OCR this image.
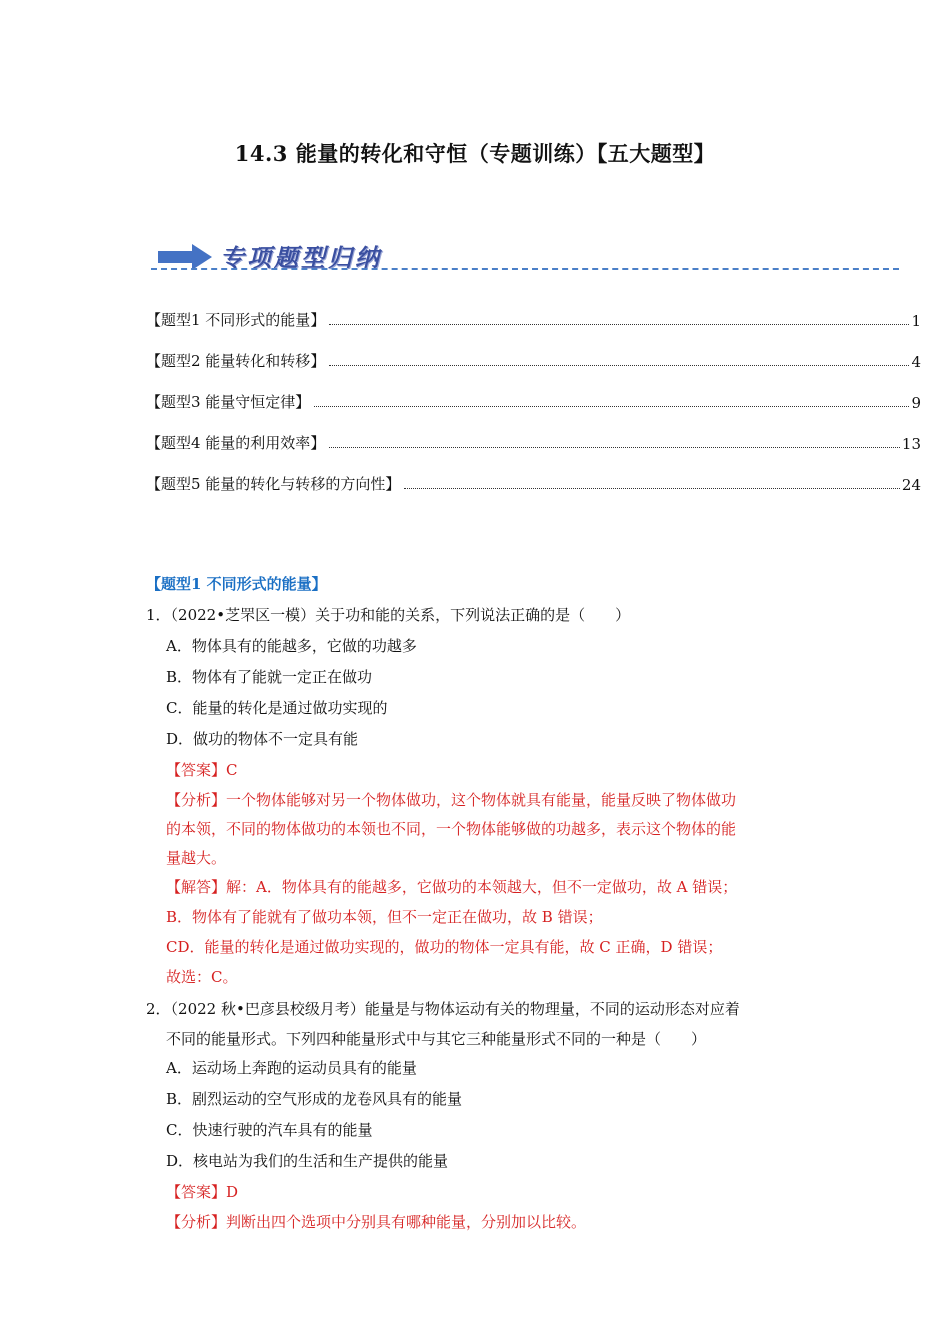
14.3 能量的转化和守恒（专题训练）【五大题型】
专项题型归纳
【题型1 不同形式的能量】	1
【题型2 能量转化和转移】	4
【题型3 能量守恒定律】	9
【题型4 能量的利用效率】	13
【题型5 能量的转化与转移的方向性】	24
【题型1 不同形式的能量】
1．（2022•芝罘区一模）关于功和能的关系，下列说法正确的是（　　）
A．物体具有的能越多，它做的功越多
B．物体有了能就一定正在做功
C．能量的转化是通过做功实现的
D．做功的物体不一定具有能
【答案】C
【分析】一个物体能够对另一个物体做功，这个物体就具有能量，能量反映了物体做功
的本领，不同的物体做功的本领也不同，一个物体能够做的功越多，表示这个物体的能
量越大。
【解答】解：A．物体具有的能越多，它做功的本领越大，但不一定做功，故 A 错误；
B．物体有了能就有了做功本领，但不一定正在做功，故 B 错误；
CD．能量的转化是通过做功实现的，做功的物体一定具有能，故 C 正确，D 错误；
故选：C。
2．（2022 秋•巴彦县校级月考）能量是与物体运动有关的物理量，不同的运动形态对应着
不同的能量形式。下列四种能量形式中与其它三种能量形式不同的一种是（　　）
A．运动场上奔跑的运动员具有的能量
B．剧烈运动的空气形成的龙卷风具有的能量
C．快速行驶的汽车具有的能量
D．核电站为我们的生活和生产提供的能量
【答案】D
【分析】判断出四个选项中分别具有哪种能量，分别加以比较。
